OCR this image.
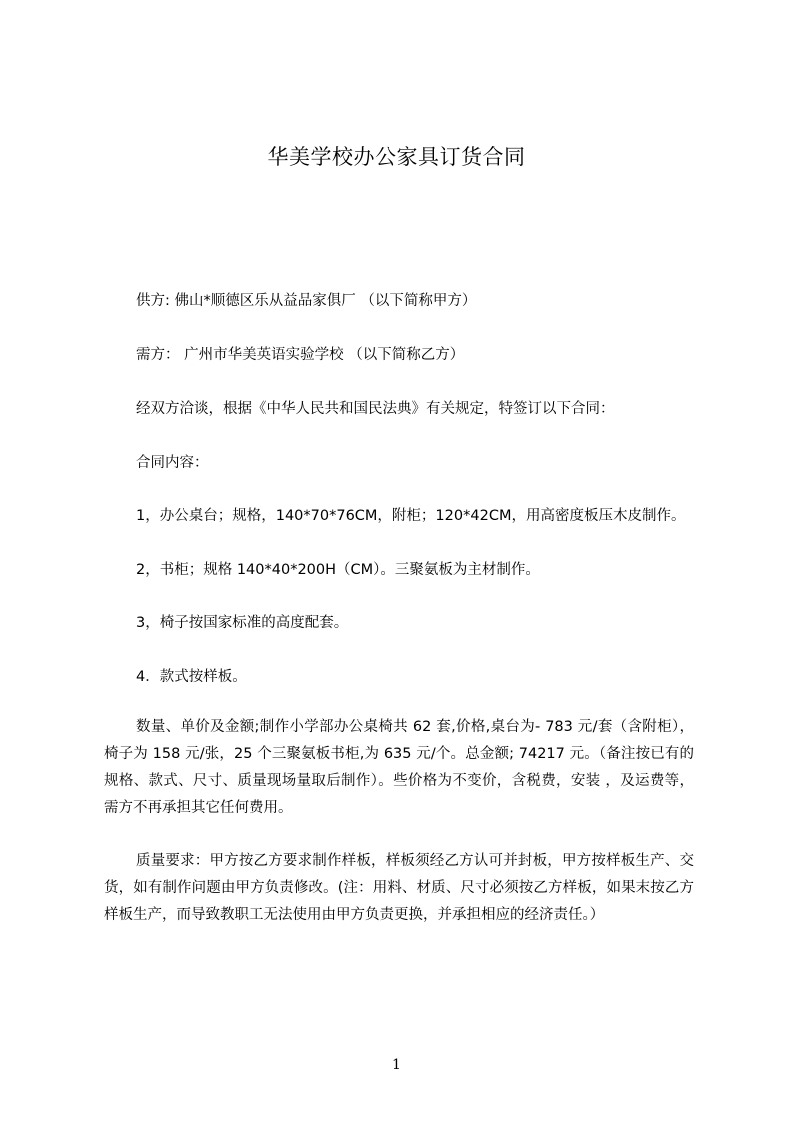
华美学校办公家具订货合同
供方: 佛山*顺德区乐从益品家俱厂 （以下简称甲方）
需方： 广州市华美英语实验学校 （以下简称乙方）
经双方洽谈，根据《中华人民共和国民法典》有关规定，特签订以下合同：
合同内容：
1，办公桌台；规格，140*70*76CM，附柜；120*42CM，用高密度板压木皮制作。
2，书柜；规格 140*40*200H（CM）。三聚氨板为主材制作。
3，椅子按国家标准的高度配套。
4．款式按样板。
数量、单价及金额;制作小学部办公桌椅共 62 套,价格,桌台为- 783 元/套（含附柜），椅子为 158 元/张，25 个三聚氨板书柜,为 635 元/个。总金额; 74217 元。（备注按已有的规格、款式、尺寸、质量现场量取后制作）。些价格为不变价，含税费，安装 ，及运费等，需方不再承担其它任何费用。
质量要求：甲方按乙方要求制作样板，样板须经乙方认可并封板，甲方按样板生产、交货，如有制作问题由甲方负责修改。(注：用料、材质、尺寸必须按乙方样板，如果末按乙方样板生产，而导致教职工无法使用由甲方负责更换，并承担相应的经济责任。）
1
